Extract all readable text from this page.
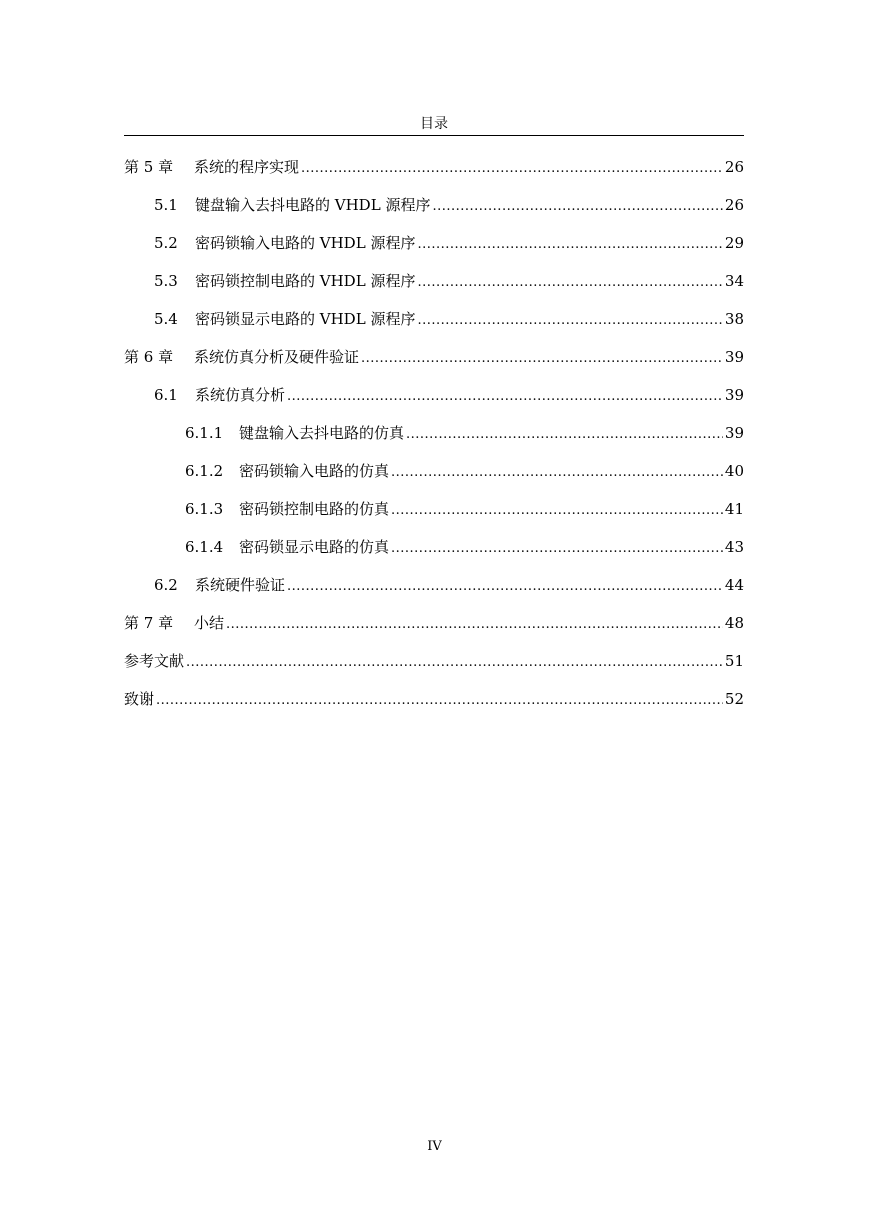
目录
第 5 章	系统的程序实现 .....	26
5.1	键盘输入去抖电路的 VHDL 源程序 .....	26
5.2	密码锁输入电路的 VHDL 源程序 .....	29
5.3	密码锁控制电路的 VHDL 源程序 .....	34
5.4	密码锁显示电路的 VHDL 源程序 .....	38
第 6 章	系统仿真分析及硬件验证 .....	39
6.1	系统仿真分析 .....	39
6.1.1	键盘输入去抖电路的仿真 .....	39
6.1.2	密码锁输入电路的仿真 .....	40
6.1.3	密码锁控制电路的仿真 .....	41
6.1.4	密码锁显示电路的仿真 .....	43
6.2	系统硬件验证 .....	44
第 7 章	小结 .....	48
参考文献 .....	51
致谢 .....	52
IV
